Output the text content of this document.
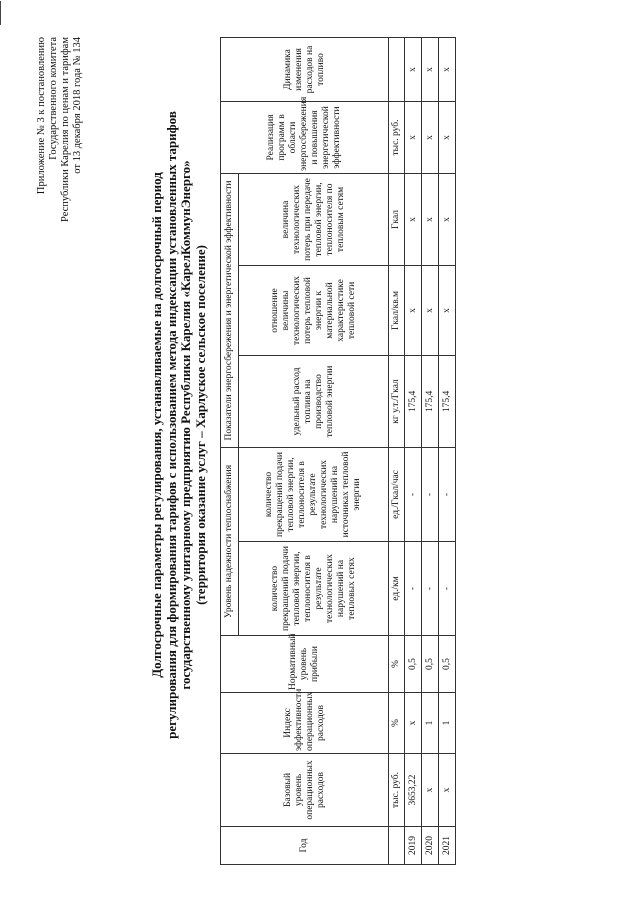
Приложение № 3 к постановлению Государственного комитета Республики Карелия по ценам и тарифам от 13 декабря 2018 года № 134
Долгосрочные параметры регулирования, устанавливаемые на долгосрочный период регулирования для формирования тарифов с использованием метода индексации установленных тарифов государственному унитарному предприятию Республики Карелия «КарелКоммунЭнерго» (территория оказание услуг – Харлуское сельское поселение)
Год	Базовый уровень операционных расходов	Индекс эффективности операционных расходов	Нормативный уровень прибыли	Уровень надежности теплоснабжения		Показатели энергосбережения и энергетической эффективности			Реализация программ в области энергосбережения и повышения энергетической эффективности	Динамика изменения расходов на топливо
				количество прекращений подачи тепловой энергии, теплоносителя в результате технологических нарушений на тепловых сетях	количество прекращений подачи тепловой энергии, теплоносителя в результате технологических нарушений на источниках тепловой энергии	удельный расход топлива на производство тепловой энергии	отношение величины технологических потерь тепловой энергии к материальной характеристике тепловой сети	величина технологических потерь при передаче тепловой энергии, теплоносителя по тепловым сетям		
	тыс. руб.	%	%	ед./км	ед./Гкал/час	кг у.т./Гкал	Гкал/кв.м	Гкал	тыс. руб.	
2019	3653,22	х	0,5	-	-	175,4	х	х	х	х
2020	х	1	0,5	-	-	175,4	х	х	х	х
2021	х	1	0,5	-	-	175,4	х	х	х	х
